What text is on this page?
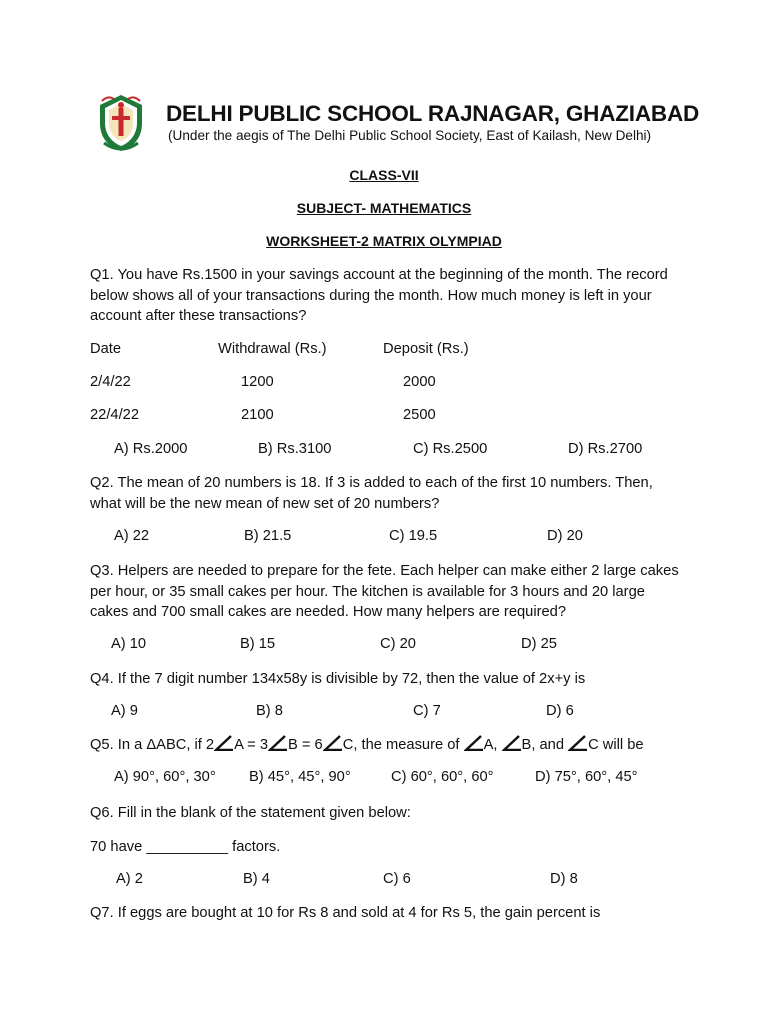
DELHI PUBLIC SCHOOL RAJNAGAR, GHAZIABAD
(Under the aegis of The Delhi Public School Society, East of Kailash, New Delhi)
CLASS-VII
SUBJECT- MATHEMATICS
WORKSHEET-2 MATRIX OLYMPIAD
Q1. You have Rs.1500 in your savings account at the beginning of the month. The record below shows all of your transactions during the month. How much money is left in your account after these transactions?
Date	Withdrawal (Rs.)	Deposit (Rs.)
2/4/22	1200	2000
22/4/22	2100	2500
A) Rs.2000	B) Rs.3100	C) Rs.2500	D) Rs.2700
Q2. The mean of 20 numbers is 18. If 3 is added to each of the first 10 numbers. Then, what will be the new mean of new set of 20 numbers?
A) 22	B) 21.5	C) 19.5	D) 20
Q3. Helpers are needed to prepare for the fete. Each helper can make either 2 large cakes per hour, or 35 small cakes per hour. The kitchen is available for 3 hours and 20 large cakes and 700 small cakes are needed. How many helpers are required?
A) 10	B) 15	C) 20	D) 25
Q4. If the 7 digit number 134x58y is divisible by 72, then the value of 2x+y is
A) 9	B) 8	C) 7	D) 6
Q5. In a ΔABC, if 2 A = 3 B = 6 C, the measure of A, B, and C will be
A) 90°, 60°, 30° B) 45°, 45°, 90°	C) 60°, 60°, 60°	D) 75°, 60°, 45°
Q6. Fill in the blank of the statement given below:
70 have __________ factors.
A) 2	B) 4	C) 6	D) 8
Q7. If eggs are bought at 10 for Rs 8 and sold at 4 for Rs 5, the gain percent is
